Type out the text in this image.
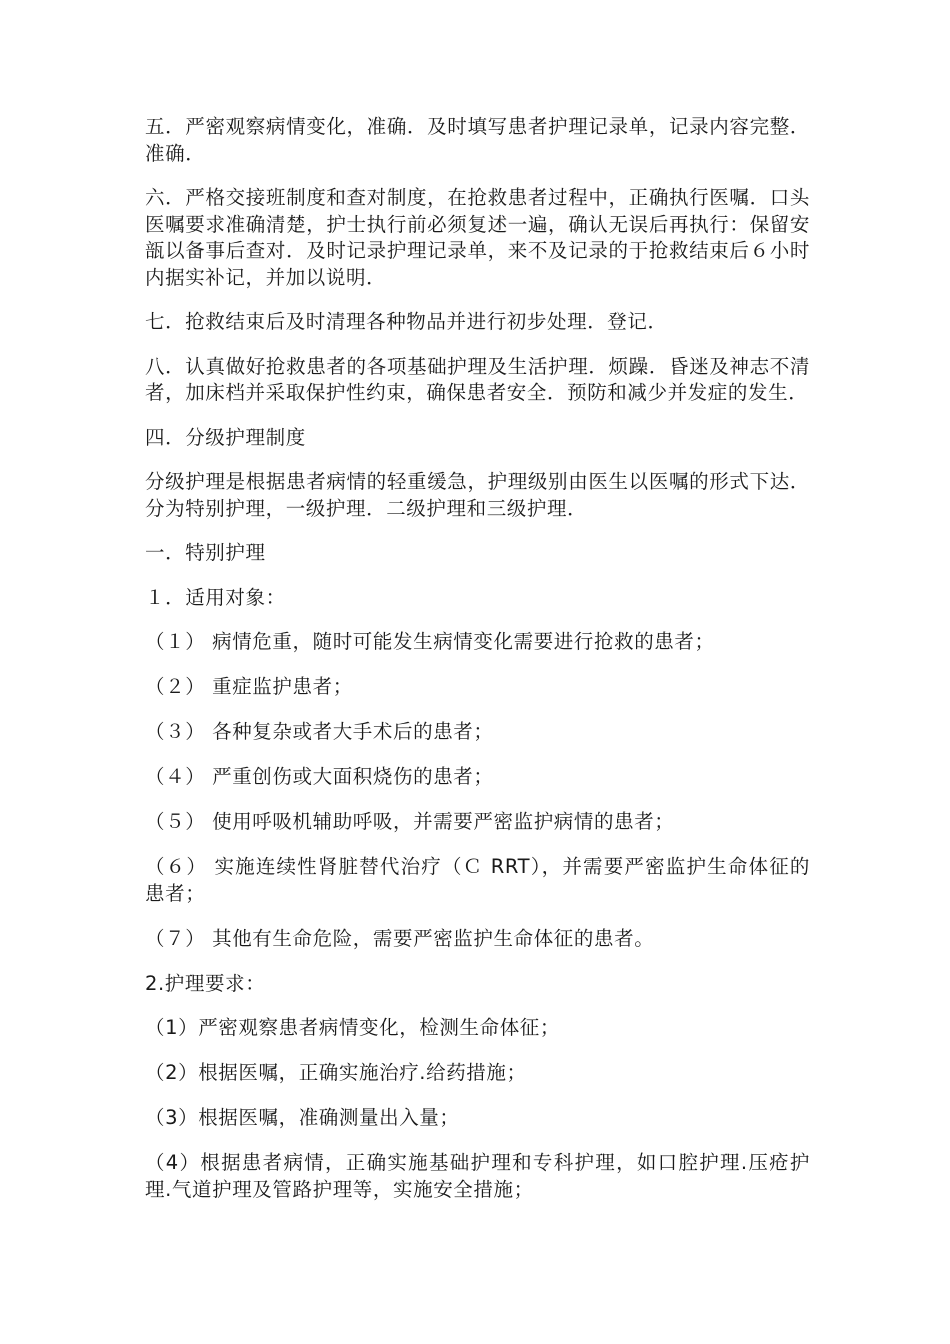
五．严密观察病情变化，准确．及时填写患者护理记录单，记录内容完整．准确．

六．严格交接班制度和查对制度，在抢救患者过程中，正确执行医嘱．口头医嘱要求准确清楚，护士执行前必须复述一遍，确认无误后再执行：保留安瓿以备事后查对．及时记录护理记录单，来不及记录的于抢救结束后６小时内据实补记，并加以说明．

七．抢救结束后及时清理各种物品并进行初步处理．登记．

八．认真做好抢救患者的各项基础护理及生活护理．烦躁．昏迷及神志不清者，加床档并采取保护性约束，确保患者安全．预防和减少并发症的发生．

四．分级护理制度

分级护理是根据患者病情的轻重缓急，护理级别由医生以医嘱的形式下达．分为特别护理，一级护理．二级护理和三级护理．

一．特别护理

１．适用对象：

（１） 病情危重，随时可能发生病情变化需要进行抢救的患者；

（２） 重症监护患者；

（３） 各种复杂或者大手术后的患者；

（４） 严重创伤或大面积烧伤的患者；

（５） 使用呼吸机辅助呼吸，并需要严密监护病情的患者；

（６） 实施连续性肾脏替代治疗（Ｃ RRT），并需要严密监护生命体征的患者；

（７） 其他有生命危险，需要严密监护生命体征的患者。

2.护理要求：

（1）严密观察患者病情变化，检测生命体征；

（2）根据医嘱，正确实施治疗.给药措施；

（3）根据医嘱，准确测量出入量；

（4）根据患者病情，正确实施基础护理和专科护理，如口腔护理.压疮护理.气道护理及管路护理等，实施安全措施；
